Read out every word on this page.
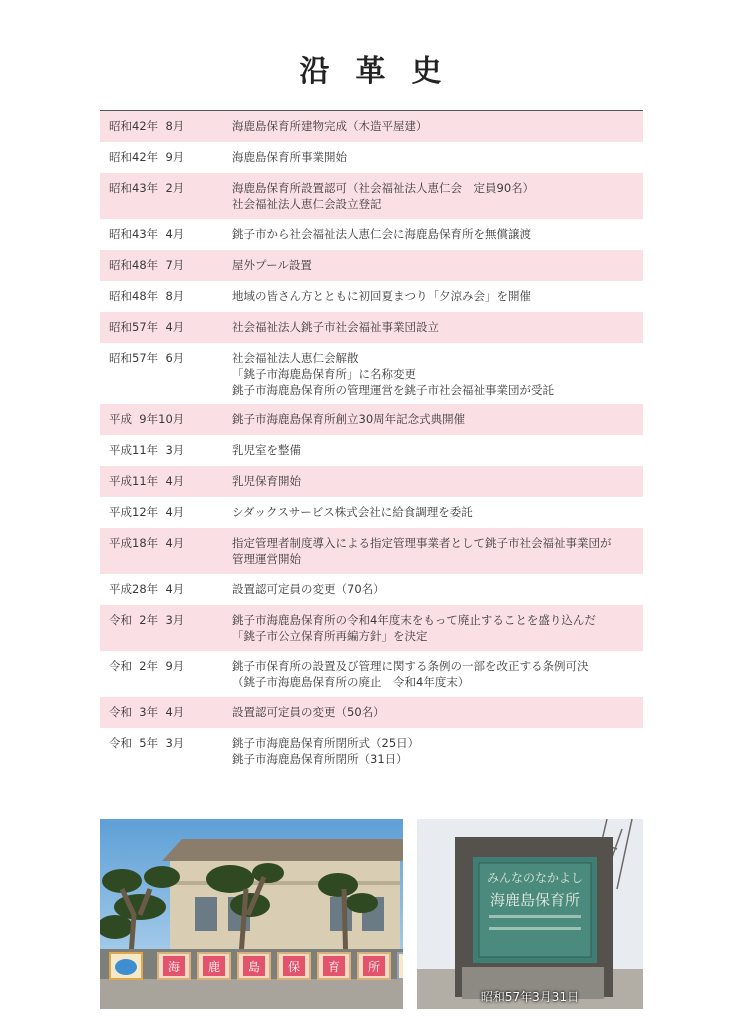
沿革史
昭和42年  8月	海鹿島保育所建物完成（木造平屋建）
昭和42年  9月	海鹿島保育所事業開始
昭和43年  2月	海鹿島保育所設置認可（社会福祉法人恵仁会　定員90名）
社会福祉法人恵仁会設立登記
昭和43年  4月	銚子市から社会福祉法人恵仁会に海鹿島保育所を無償譲渡
昭和48年  7月	屋外プール設置
昭和48年  8月	地域の皆さん方とともに初回夏まつり「夕涼み会」を開催
昭和57年  4月	社会福祉法人銚子市社会福祉事業団設立
昭和57年  6月	社会福祉法人恵仁会解散
「銚子市海鹿島保育所」に名称変更
銚子市海鹿島保育所の管理運営を銚子市社会福祉事業団が受託
平成  9年10月	銚子市海鹿島保育所創立30周年記念式典開催
平成11年  3月	乳児室を整備
平成11年  4月	乳児保育開始
平成12年  4月	シダックスサービス株式会社に給食調理を委託
平成18年  4月	指定管理者制度導入による指定管理事業者として銚子市社会福祉事業団が
管理運営開始
平成28年  4月	設置認可定員の変更（70名）
令和  2年  3月	銚子市海鹿島保育所の令和4年度末をもって廃止することを盛り込んだ
「銚子市公立保育所再編方針」を決定
令和  2年  9月	銚子市保育所の設置及び管理に関する条例の一部を改正する条例可決
（銚子市海鹿島保育所の廃止　令和4年度末）
令和  3年  4月	設置認可定員の変更（50名）
令和  5年  3月	銚子市海鹿島保育所閉所式（25日）
銚子市海鹿島保育所閉所（31日）
海 鹿 島 保 育 所
みんなのなかよし
海鹿島保育所
昭和57年3月31日
